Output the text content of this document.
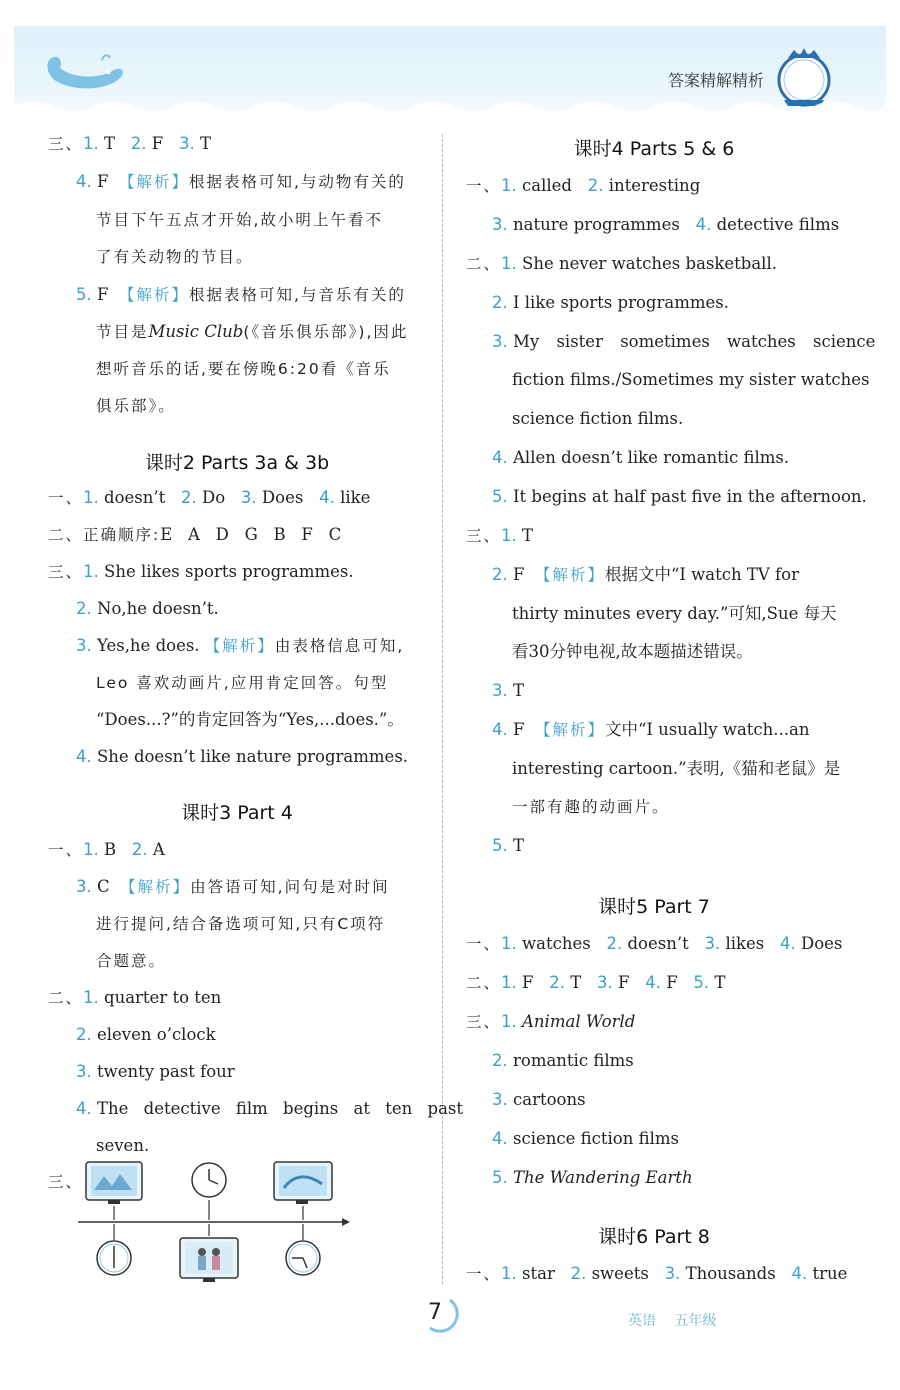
答案精解精析
三、1. T 2. F 3. T
4. F 【解析】根据表格可知,与动物有关的
节目下午五点才开始,故小明上午看不
了有关动物的节目。
5. F 【解析】根据表格可知,与音乐有关的
节目是Music Club(《音乐俱乐部》),因此
想听音乐的话,要在傍晚6:20看《音乐
俱乐部》。
课时2 Parts 3a & 3b
一、1. doesn’t 2. Do 3. Does 4. like
二、正确顺序:E   A   D   G   B   F   C
三、1. She likes sports programmes.
2. No,he doesn’t.
3. Yes,he does. 【解析】由表格信息可知,
Leo 喜欢动画片,应用肯定回答。句型
“Does...?”的肯定回答为“Yes,...does.”。
4. She doesn’t like nature programmes.
课时3 Part 4
一、1. B 2. A
3. C 【解析】由答语可知,问句是对时间
进行提问,结合备选项可知,只有C项符
合题意。
二、1. quarter to ten
2. eleven o’clock
3. twenty past four
4. The detective film begins at ten past
seven.
三、
课时4 Parts 5 & 6
一、1. called 2. interesting
3. nature programmes 4. detective films
二、1. She never watches basketball.
2. I like sports programmes.
3. My sister sometimes watches science
fiction films./Sometimes my sister watches
science fiction films.
4. Allen doesn’t like romantic films.
5. It begins at half past five in the afternoon.
三、1. T
2. F 【解析】根据文中“I watch TV for
thirty minutes every day.”可知,Sue 每天
看30分钟电视,故本题描述错误。
3. T
4. F 【解析】文中“I usually watch...an
interesting cartoon.”表明,《猫和老鼠》是
一部有趣的动画片。
5. T
课时5 Part 7
一、1. watches 2. doesn’t 3. likes 4. Does
二、1. F 2. T 3. F 4. F 5. T
三、1. Animal World
2. romantic films
3. cartoons
4. science fiction films
5. The Wandering Earth
课时6 Part 8
一、1. star 2. sweets 3. Thousands 4. true
7	英语 五年级
